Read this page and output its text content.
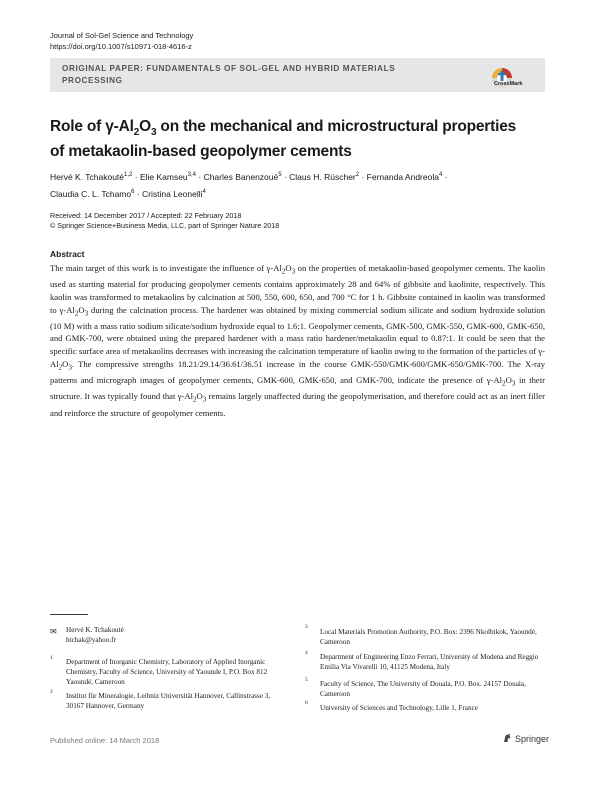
Journal of Sol-Gel Science and Technology
https://doi.org/10.1007/s10971-018-4616-z
ORIGINAL PAPER: FUNDAMENTALS OF SOL-GEL AND HYBRID MATERIALS
PROCESSING	CrossMark
Role of $\gamma-Al_2O_3$ on the mechanical and microstructural properties of metakaolin-based geopolymer cements
Hervé K. Tchakouté$^{1,2}$ · Elie Kamseu$^{3,4}$ · Charles Banenzoué$^5$ · Claus H. Rüscher$^2$ · Fernanda Andreola$^4$ ·
Claudia C. L. Tchamo$^6$ · Cristina Leonelli$^4$
Received: 14 December 2017 / Accepted: 22 February 2018
© Springer Science+Business Media, LLC, part of Springer Nature 2018
Abstract
The main target of this work is to investigate the influence of $\gamma-Al_2O_3$ on the properties of metakaolin-based geopolymer cements. The kaolin used as starting material for producing geopolymer cements contains approximately 28 and 64% of gibbsite and kaolinite, respectively. This kaolin was transformed to metakaolins by calcination at 500, 550, 600, 650, and 700 °C for 1 h. Gibbsite contained in kaolin was transformed to $\gamma-Al_2O_3$ during the calcination process. The hardener was obtained by mixing commercial sodium silicate and sodium hydroxide solution (10 M) with a mass ratio sodium silicate/sodium hydroxide equal to 1.6:1. Geopolymer cements, GMK-500, GMK-550, GMK-600, GMK-650, and GMK-700, were obtained using the prepared hardener with a mass ratio hardener/metakaolin equal to 0.87:1. It could be seen that the specific surface area of metakaolins decreases with increasing the calcination temperature of kaolin owing to the formation of the particles of $\gamma-Al_2O_3$. The compressive strengths 18.21/29.14/36.61/36.51 increase in the course GMK-550/GMK-600/GMK-650/GMK-700. The X-ray patterns and micrograph images of geopolymer cements, GMK-600, GMK-650, and GMK-700, indicate the presence of $\gamma-Al_2O_3$ in their structure. It was typically found that $\gamma-Al_2O_3$ remains largely unaffected during the geopolymerisation, and therefore could act as an inert filler and reinforce the structure of geopolymer cements.
✉ Hervé K. Tchakouté
htchak@yahoo.fr
1 Department of Inorganic Chemistry, Laboratory of Applied Inorganic Chemistry, Faculty of Science, University of Yaounde I, P.O. Box 812 Yaoundé, Cameroon
2 Institut für Mineralogie, Leibniz Universität Hannover, Callinstrasse 3, 30167 Hannover, Germany
3
Local Materials Promotion Authority, P.O. Box: 2396 Nkolbikok, Yaoundé, Cameroon
4 Department of Engineering Enzo Ferrari, University of Modena and Reggio Emilia Via Vivarelli 10, 41125 Modena, Italy
5 Faculty of Science, The University of Douala, P.O. Box. 24157 Douala, Cameroon
6
University of Sciences and Technology, Lille 1, France
Published online: 14 March 2018	Springer
